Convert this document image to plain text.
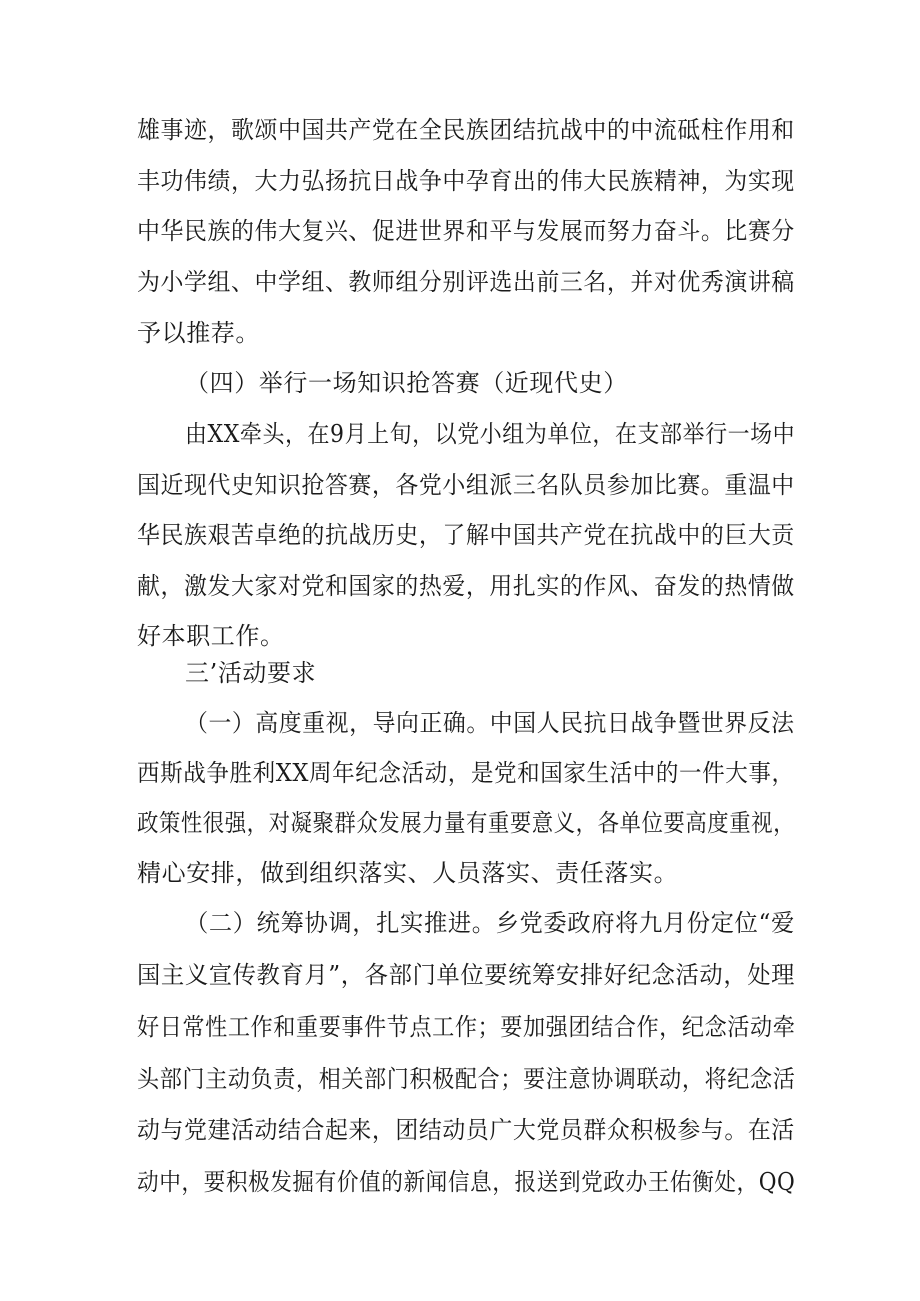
雄事迹，歌颂中国共产党在全民族团结抗战中的中流砥柱作用和
丰功伟绩，大力弘扬抗日战争中孕育出的伟大民族精神，为实现
中华民族的伟大复兴、促进世界和平与发展而努力奋斗。比赛分
为小学组、中学组、教师组分别评选出前三名，并对优秀演讲稿
予以推荐。
（四）举行一场知识抢答赛（近现代史）
由XX牵头，在9月上旬，以党小组为单位，在支部举行一场中
国近现代史知识抢答赛，各党小组派三名队员参加比赛。重温中
华民族艰苦卓绝的抗战历史，了解中国共产党在抗战中的巨大贡
献，激发大家对党和国家的热爱，用扎实的作风、奋发的热情做
好本职工作。
三’活动要求
（一）高度重视，导向正确。中国人民抗日战争暨世界反法
西斯战争胜利XX周年纪念活动，是党和国家生活中的一件大事，
政策性很强，对凝聚群众发展力量有重要意义，各单位要高度重视，
精心安排，做到组织落实、人员落实、责任落实。
（二）统筹协调，扎实推进。乡党委政府将九月份定位“爱
国主义宣传教育月”，各部门单位要统筹安排好纪念活动，处理
好日常性工作和重要事件节点工作；要加强团结合作，纪念活动牵
头部门主动负责，相关部门积极配合；要注意协调联动，将纪念活
动与党建活动结合起来，团结动员广大党员群众积极参与。在活
动中，要积极发掘有价值的新闻信息，报送到党政办王佑衡处，QQ
